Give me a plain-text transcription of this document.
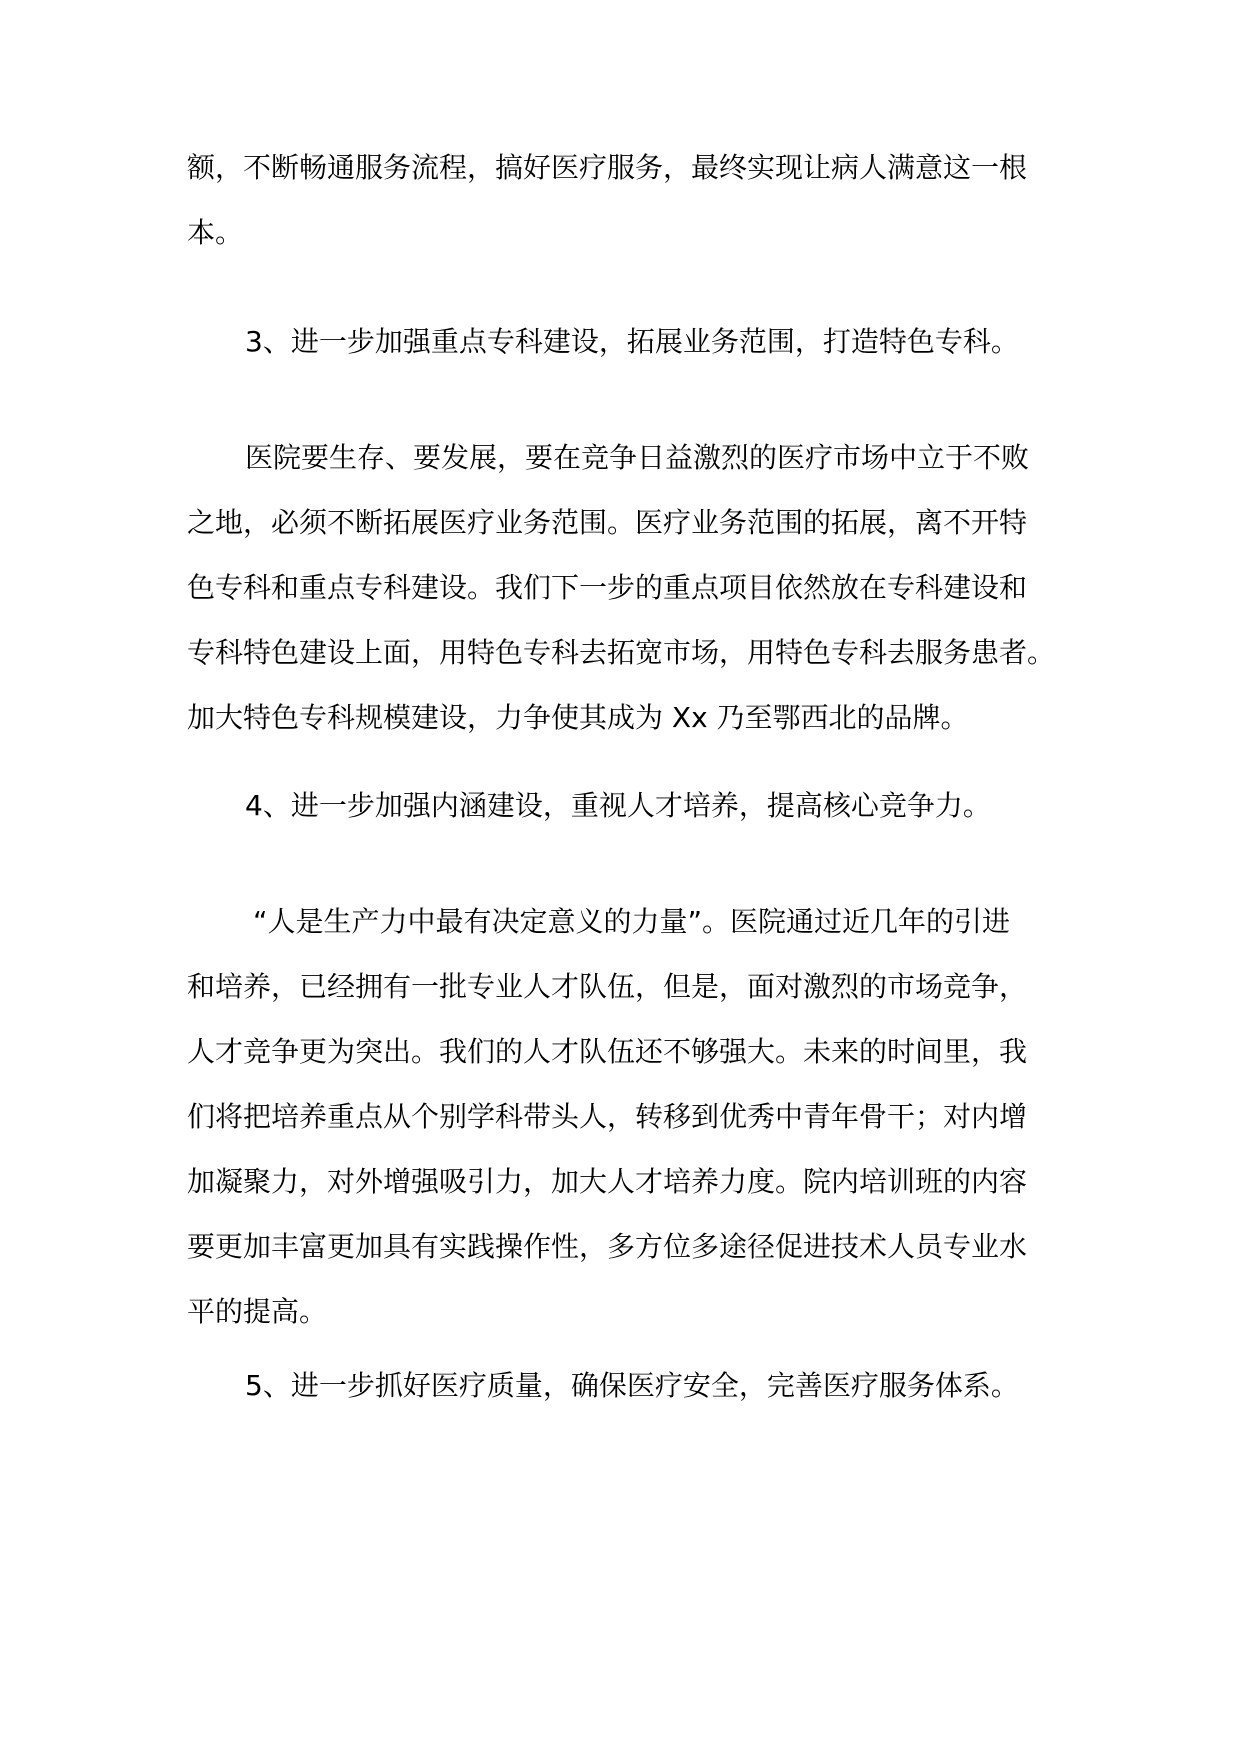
额，不断畅通服务流程，搞好医疗服务，最终实现让病人满意这一根
本。

3、进一步加强重点专科建设，拓展业务范围，打造特色专科。

医院要生存、要发展，要在竞争日益激烈的医疗市场中立于不败
之地，必须不断拓展医疗业务范围。医疗业务范围的拓展，离不开特
色专科和重点专科建设。我们下一步的重点项目依然放在专科建设和
专科特色建设上面，用特色专科去拓宽市场，用特色专科去服务患者。
加大特色专科规模建设，力争使其成为 Xx 乃至鄂西北的品牌。

4、进一步加强内涵建设，重视人才培养，提高核心竞争力。

“人是生产力中最有决定意义的力量”。医院通过近几年的引进
和培养，已经拥有一批专业人才队伍，但是，面对激烈的市场竞争，
人才竞争更为突出。我们的人才队伍还不够强大。未来的时间里，我
们将把培养重点从个别学科带头人，转移到优秀中青年骨干；对内增
加凝聚力，对外增强吸引力，加大人才培养力度。院内培训班的内容
要更加丰富更加具有实践操作性，多方位多途径促进技术人员专业水
平的提高。

5、进一步抓好医疗质量，确保医疗安全，完善医疗服务体系。
